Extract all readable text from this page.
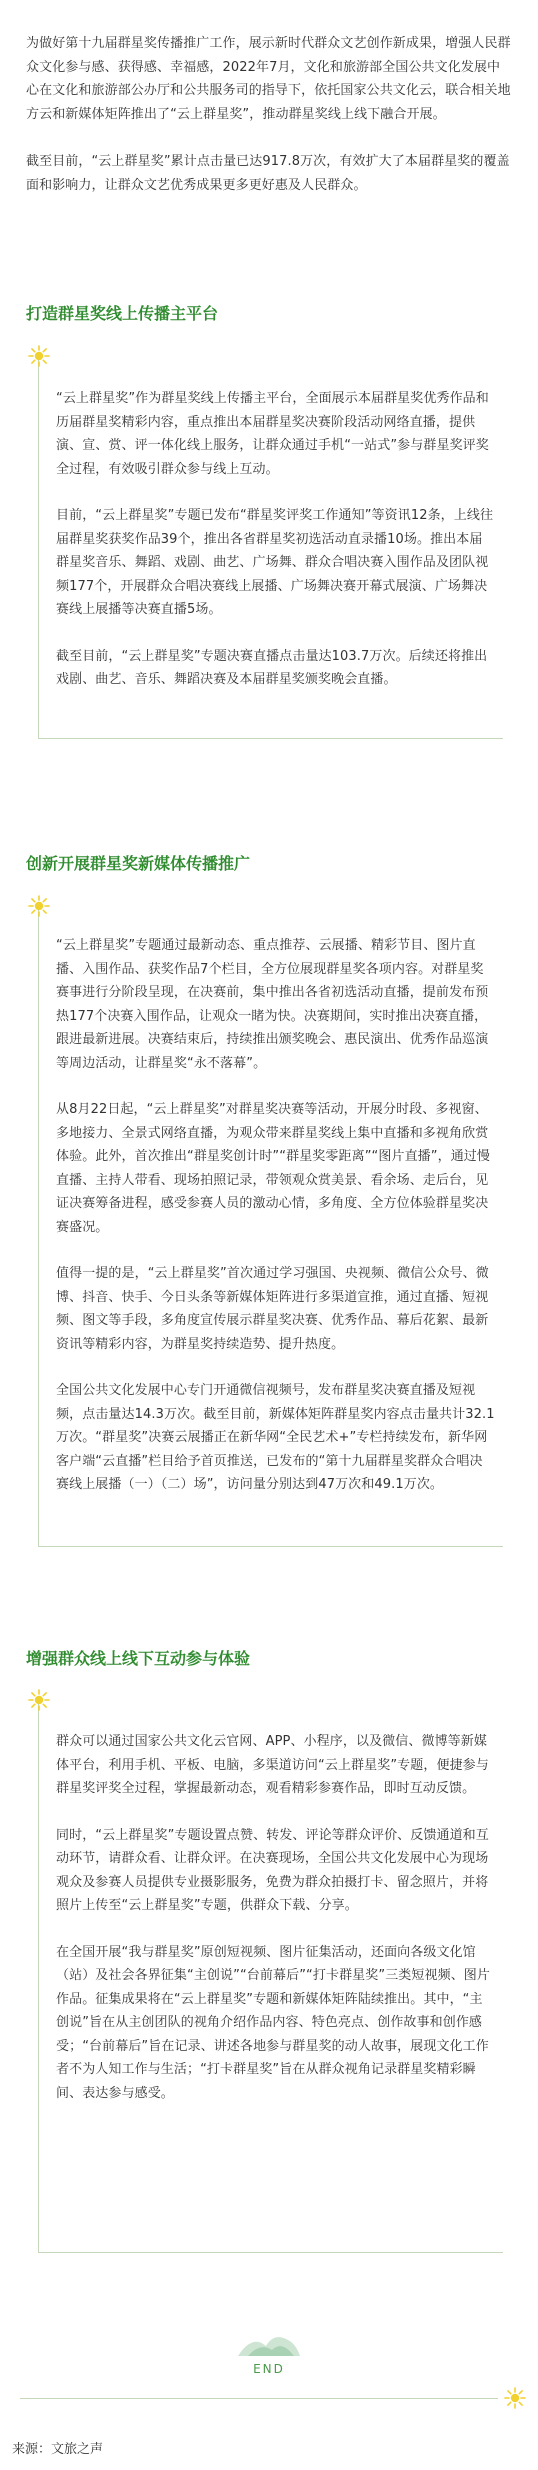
为做好第十九届群星奖传播推广工作，展示新时代群众文艺创作新成果，增强人民群众文化参与感、获得感、幸福感，2022年7月，文化和旅游部全国公共文化发展中心在文化和旅游部公办厅和公共服务司的指导下，依托国家公共文化云，联合相关地方云和新媒体矩阵推出了“云上群星奖”，推动群星奖线上线下融合开展。

截至目前，“云上群星奖”累计点击量已达917.8万次，有效扩大了本届群星奖的覆盖面和影响力，让群众文艺优秀成果更多更好惠及人民群众。

打造群星奖线上传播主平台

“云上群星奖”作为群星奖线上传播主平台，全面展示本届群星奖优秀作品和历届群星奖精彩内容，重点推出本届群星奖决赛阶段活动网络直播，提供演、宣、赏、评一体化线上服务，让群众通过手机“一站式”参与群星奖评奖全过程，有效吸引群众参与线上互动。

目前，“云上群星奖”专题已发布“群星奖评奖工作通知”等资讯12条，上线往届群星奖获奖作品39个，推出各省群星奖初选活动直录播10场。推出本届群星奖音乐、舞蹈、戏剧、曲艺、广场舞、群众合唱决赛入围作品及团队视频177个，开展群众合唱决赛线上展播、广场舞决赛开幕式展演、广场舞决赛线上展播等决赛直播5场。

截至目前，“云上群星奖”专题决赛直播点击量达103.7万次。后续还将推出戏剧、曲艺、音乐、舞蹈决赛及本届群星奖颁奖晚会直播。

创新开展群星奖新媒体传播推广

“云上群星奖”专题通过最新动态、重点推荐、云展播、精彩节目、图片直播、入围作品、获奖作品7个栏目，全方位展现群星奖各项内容。对群星奖赛事进行分阶段呈现，在决赛前，集中推出各省初选活动直播，提前发布预热177个决赛入围作品，让观众一睹为快。决赛期间，实时推出决赛直播，跟进最新进展。决赛结束后，持续推出颁奖晚会、惠民演出、优秀作品巡演等周边活动，让群星奖“永不落幕”。

从8月22日起，“云上群星奖”对群星奖决赛等活动，开展分时段、多视窗、多地接力、全景式网络直播，为观众带来群星奖线上集中直播和多视角欣赏体验。此外，首次推出“群星奖创计时”“群星奖零距离”“图片直播”，通过慢直播、主持人带看、现场拍照记录，带领观众赏美景、看余场、走后台，见证决赛筹备进程，感受参赛人员的激动心情，多角度、全方位体验群星奖决赛盛况。

值得一提的是，“云上群星奖”首次通过学习强国、央视频、微信公众号、微博、抖音、快手、今日头条等新媒体矩阵进行多渠道宣推，通过直播、短视频、图文等手段，多角度宣传展示群星奖决赛、优秀作品、幕后花絮、最新资讯等精彩内容，为群星奖持续造势、提升热度。

全国公共文化发展中心专门开通微信视频号，发布群星奖决赛直播及短视频，点击量达14.3万次。截至目前，新媒体矩阵群星奖内容点击量共计32.1万次。“群星奖”决赛云展播正在新华网“全民艺术+”专栏持续发布，新华网客户端“云直播”栏目给予首页推送，已发布的“第十九届群星奖群众合唱决赛线上展播（一）（二）场”，访问量分别达到47万次和49.1万次。

增强群众线上线下互动参与体验

群众可以通过国家公共文化云官网、APP、小程序，以及微信、微博等新媒体平台，利用手机、平板、电脑，多渠道访问“云上群星奖”专题，便捷参与群星奖评奖全过程，掌握最新动态，观看精彩参赛作品，即时互动反馈。

同时，“云上群星奖”专题设置点赞、转发、评论等群众评价、反馈通道和互动环节，请群众看、让群众评。在决赛现场，全国公共文化发展中心为现场观众及参赛人员提供专业摄影服务，免费为群众拍摄打卡、留念照片，并将照片上传至“云上群星奖”专题，供群众下载、分享。

在全国开展“我与群星奖”原创短视频、图片征集活动，还面向各级文化馆（站）及社会各界征集“主创说”“台前幕后”“打卡群星奖”三类短视频、图片作品。征集成果将在“云上群星奖”专题和新媒体矩阵陆续推出。其中，“主创说”旨在从主创团队的视角介绍作品内容、特色亮点、创作故事和创作感受；“台前幕后”旨在记录、讲述各地参与群星奖的动人故事，展现文化工作者不为人知工作与生活；“打卡群星奖”旨在从群众视角记录群星奖精彩瞬间、表达参与感受。

END
来源：文旅之声
